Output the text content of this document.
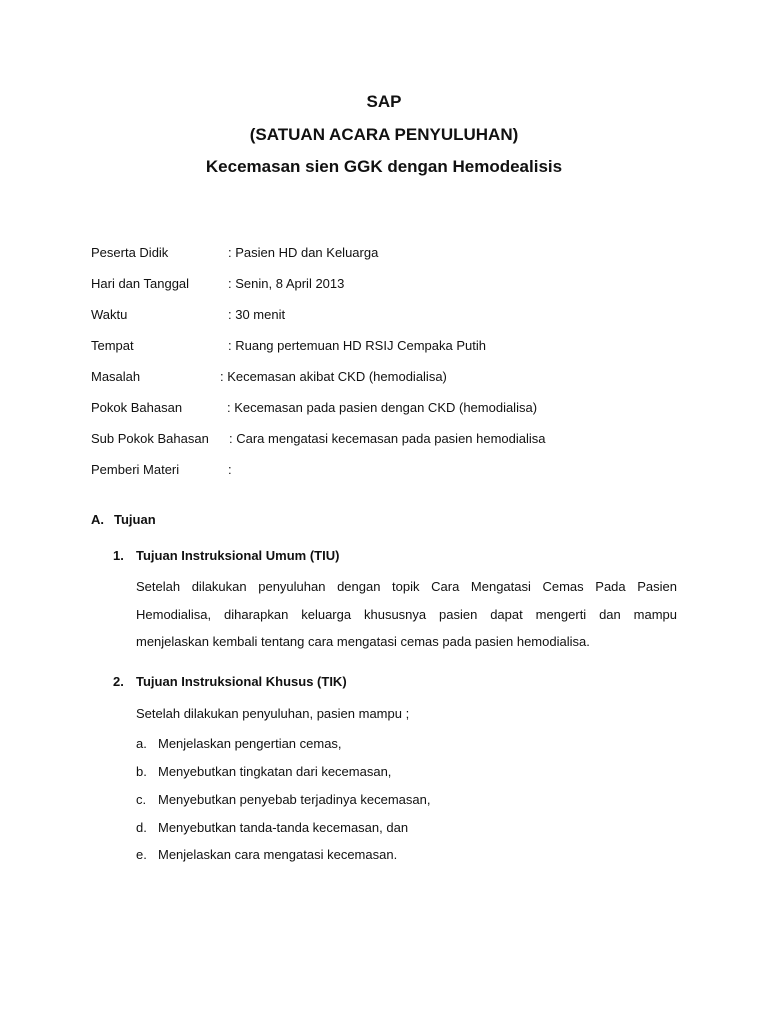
SAP
(SATUAN ACARA PENYULUHAN)
Kecemasan sien GGK dengan Hemodealisis
Peserta Didik	: Pasien HD dan Keluarga
Hari dan Tanggal	: Senin, 8 April 2013
Waktu	: 30 menit
Tempat	: Ruang pertemuan HD RSIJ Cempaka Putih
Masalah	: Kecemasan akibat CKD (hemodialisa)
Pokok Bahasan	: Kecemasan pada pasien dengan CKD (hemodialisa)
Sub Pokok Bahasan : Cara mengatasi kecemasan pada pasien hemodialisa
Pemberi Materi	:
A. Tujuan
1. Tujuan Instruksional Umum (TIU)
Setelah dilakukan penyuluhan dengan topik Cara Mengatasi Cemas Pada Pasien Hemodialisa, diharapkan keluarga khususnya pasien dapat mengerti dan mampu menjelaskan kembali tentang cara mengatasi cemas pada pasien hemodialisa.
2. Tujuan Instruksional Khusus (TIK)
Setelah dilakukan penyuluhan, pasien mampu ;
a. Menjelaskan pengertian cemas,
b. Menyebutkan tingkatan dari kecemasan,
c. Menyebutkan penyebab terjadinya kecemasan,
d. Menyebutkan tanda-tanda kecemasan, dan
e. Menjelaskan cara mengatasi kecemasan.
